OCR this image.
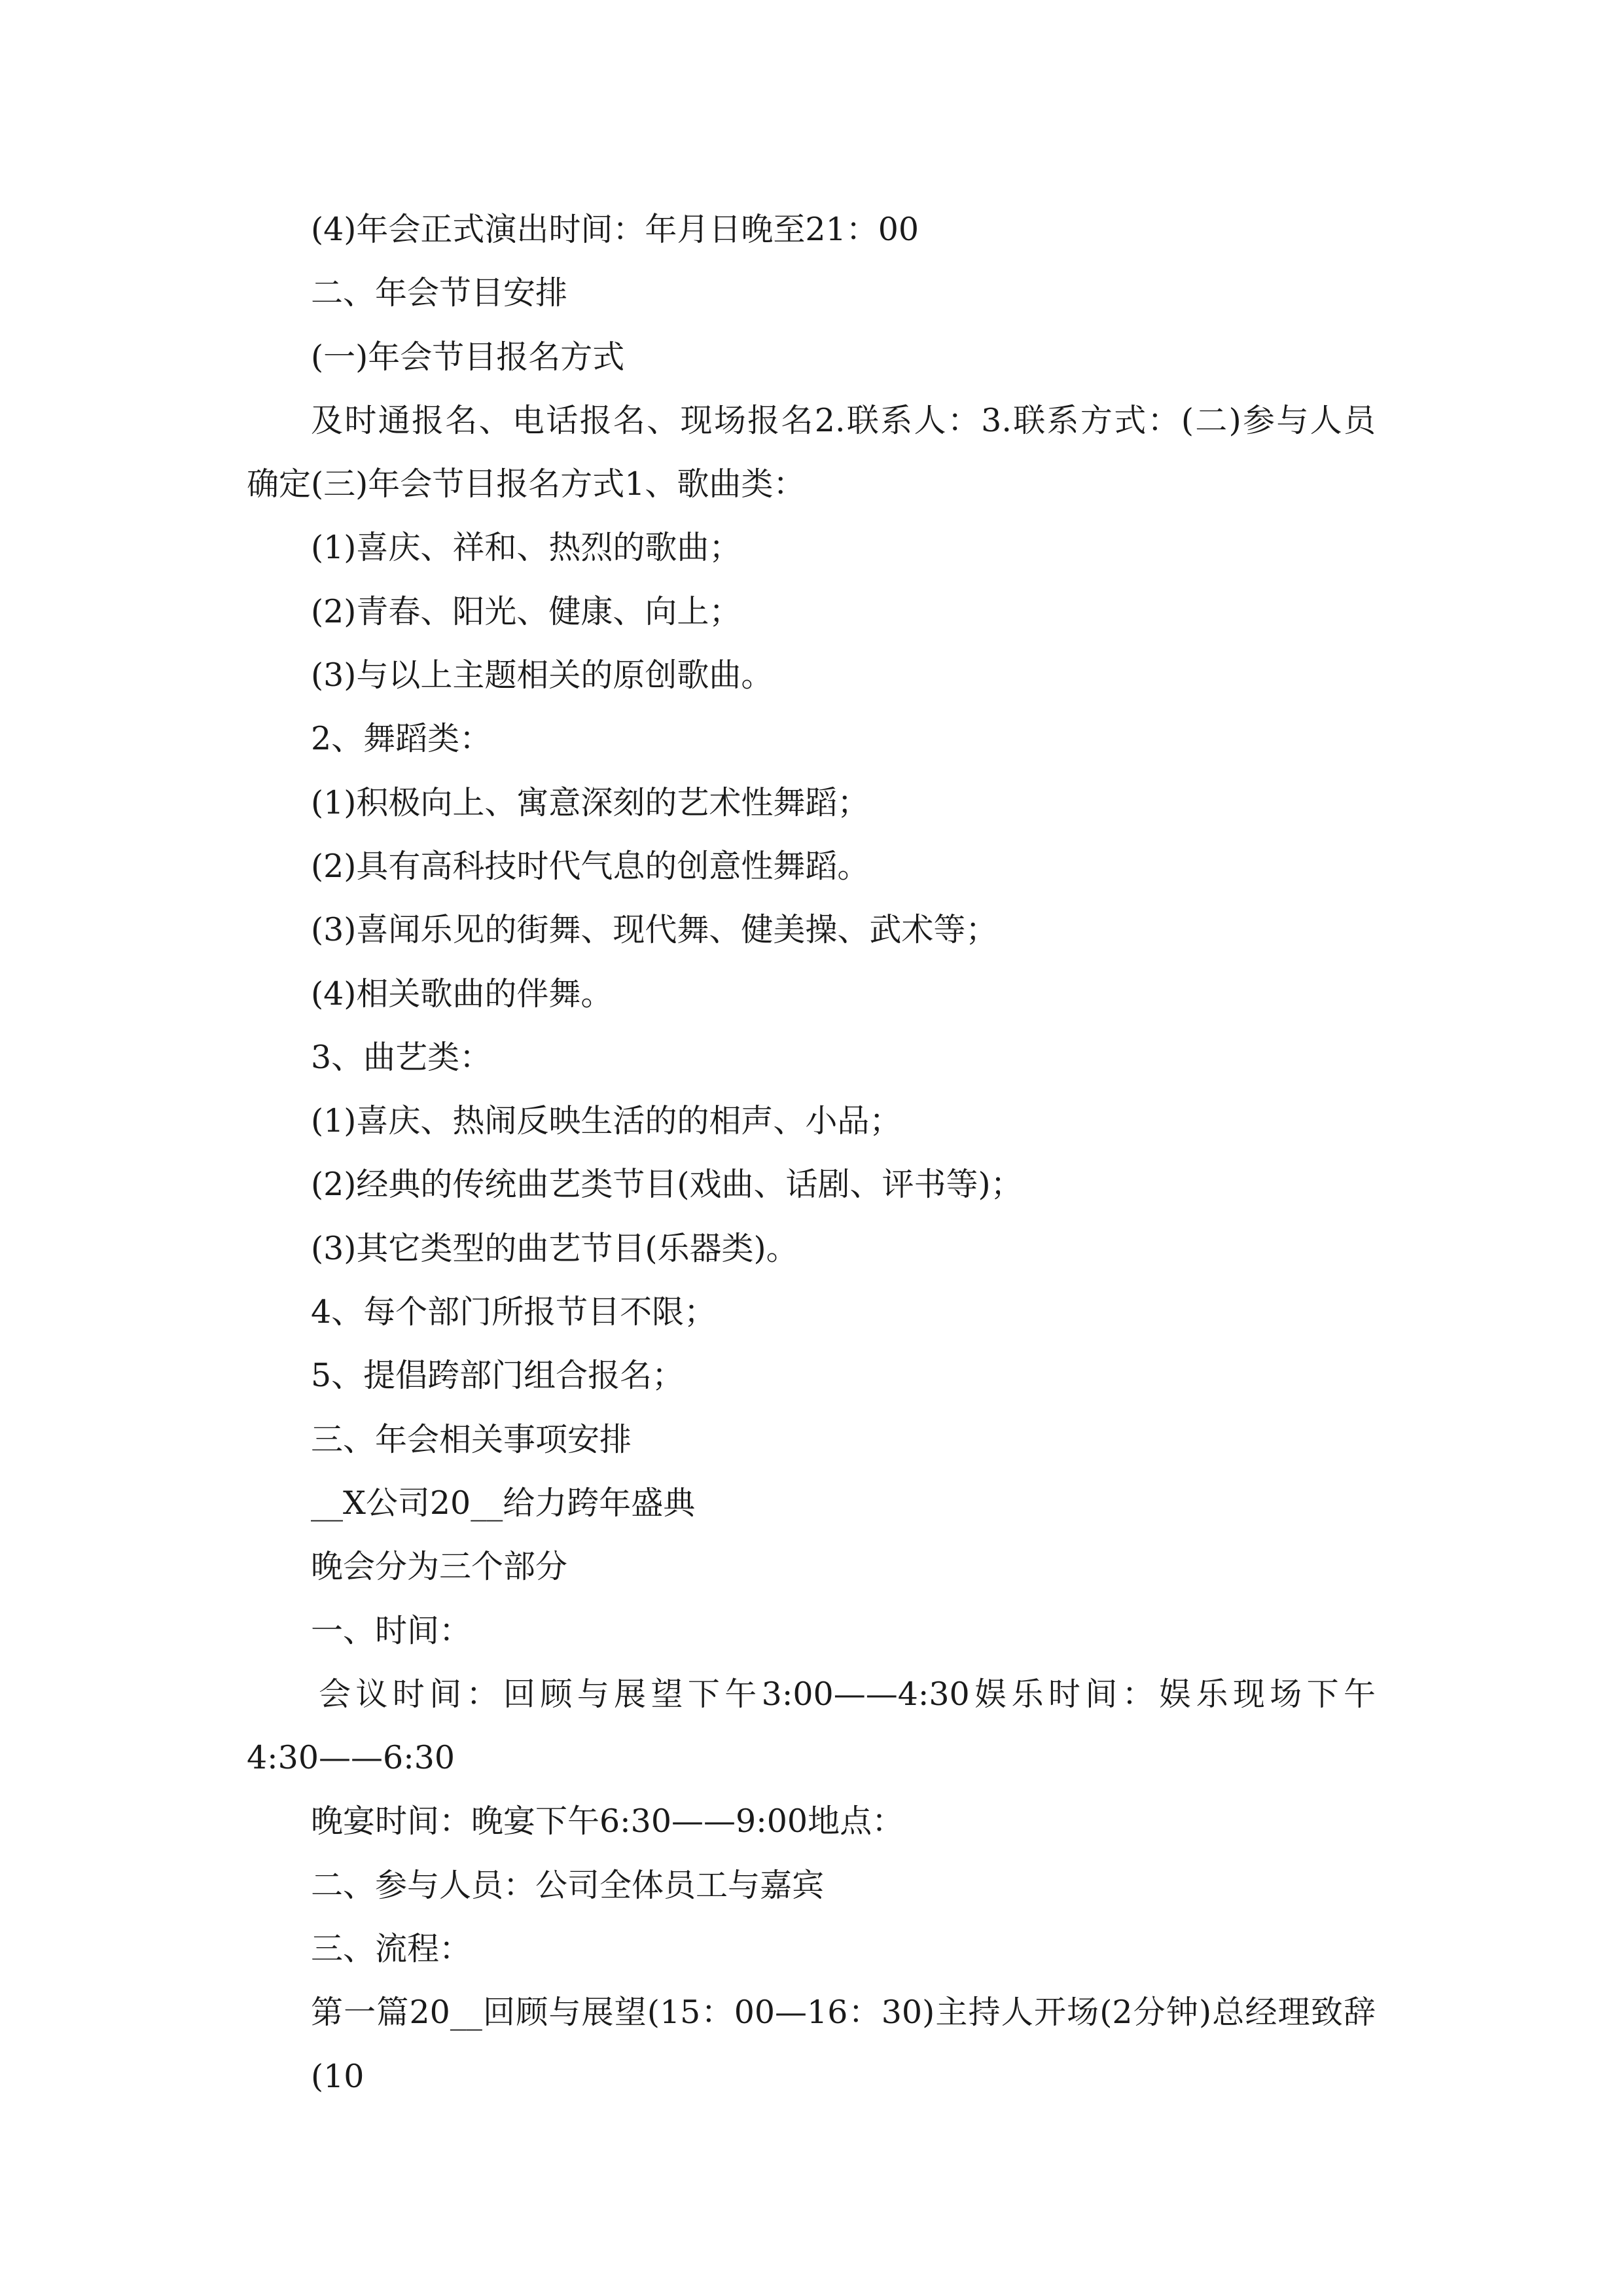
(4)年会正式演出时间：年月日晚至21：00
二、年会节目安排
(一)年会节目报名方式
及时通报名、电话报名、现场报名2.联系人：3.联系方式：(二)参与人员
确定(三)年会节目报名方式1、歌曲类：
(1)喜庆、祥和、热烈的歌曲；
(2)青春、阳光、健康、向上；
(3)与以上主题相关的原创歌曲。
2、舞蹈类：
(1)积极向上、寓意深刻的艺术性舞蹈；
(2)具有高科技时代气息的创意性舞蹈。
(3)喜闻乐见的街舞、现代舞、健美操、武术等；
(4)相关歌曲的伴舞。
3、曲艺类：
(1)喜庆、热闹反映生活的的相声、小品；
(2)经典的传统曲艺类节目(戏曲、话剧、评书等)；
(3)其它类型的曲艺节目(乐器类)。
4、每个部门所报节目不限；
5、提倡跨部门组合报名；
三、年会相关事项安排
__X公司20__给力跨年盛典
晚会分为三个部分
一、时间：
会议时间：回顾与展望下午3:00——4:30娱乐时间：娱乐现场下午
4:30——6:30
晚宴时间：晚宴下午6:30——9:00地点：
二、参与人员：公司全体员工与嘉宾
三、流程：
第一篇20__回顾与展望(15：00—16：30)主持人开场(2分钟)总经理致辞(10
